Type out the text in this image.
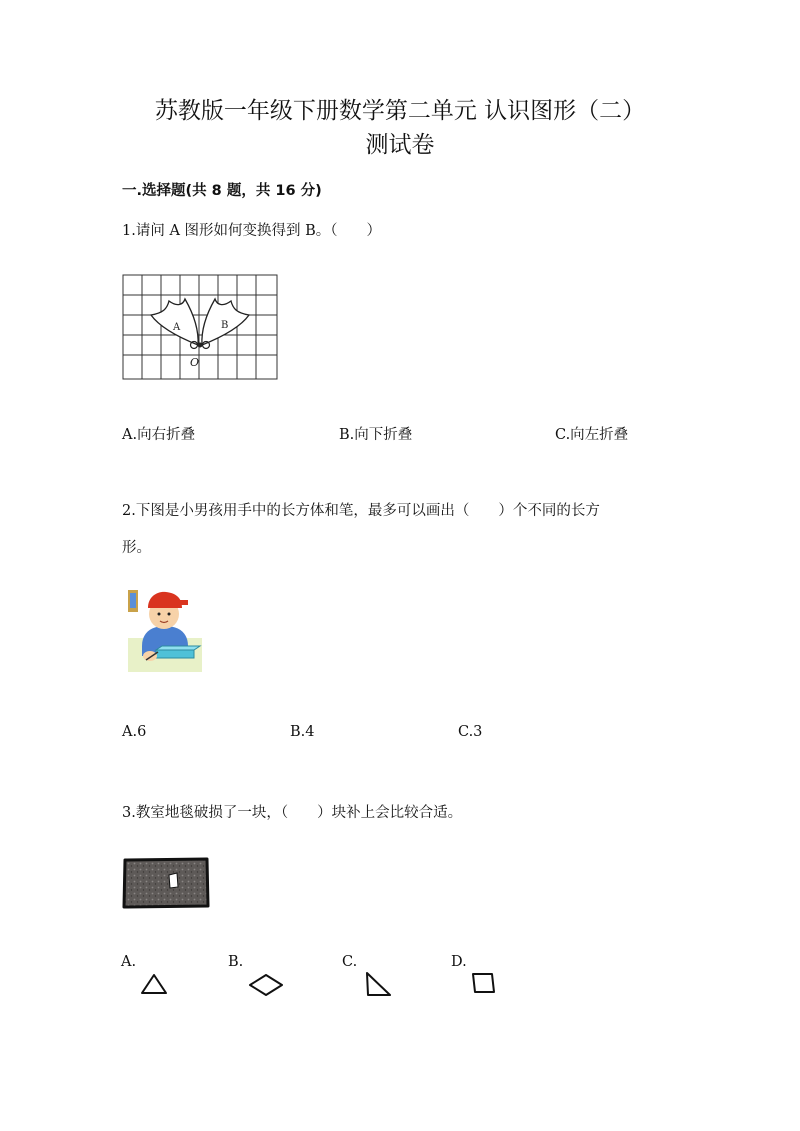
苏教版一年级下册数学第二单元 认识图形（二）
测试卷
一.选择题(共 8 题，共 16 分)
1.请问 A 图形如何变换得到 B。（　　）
A	B
O
A.向右折叠	B.向下折叠	C.向左折叠
2.下图是小男孩用手中的长方体和笔，最多可以画出（　　）个不同的长方
形。
A.6	B.4	C.3
3.教室地毯破损了一块，（　　）块补上会比较合适。
A.	B.	C.	D.
